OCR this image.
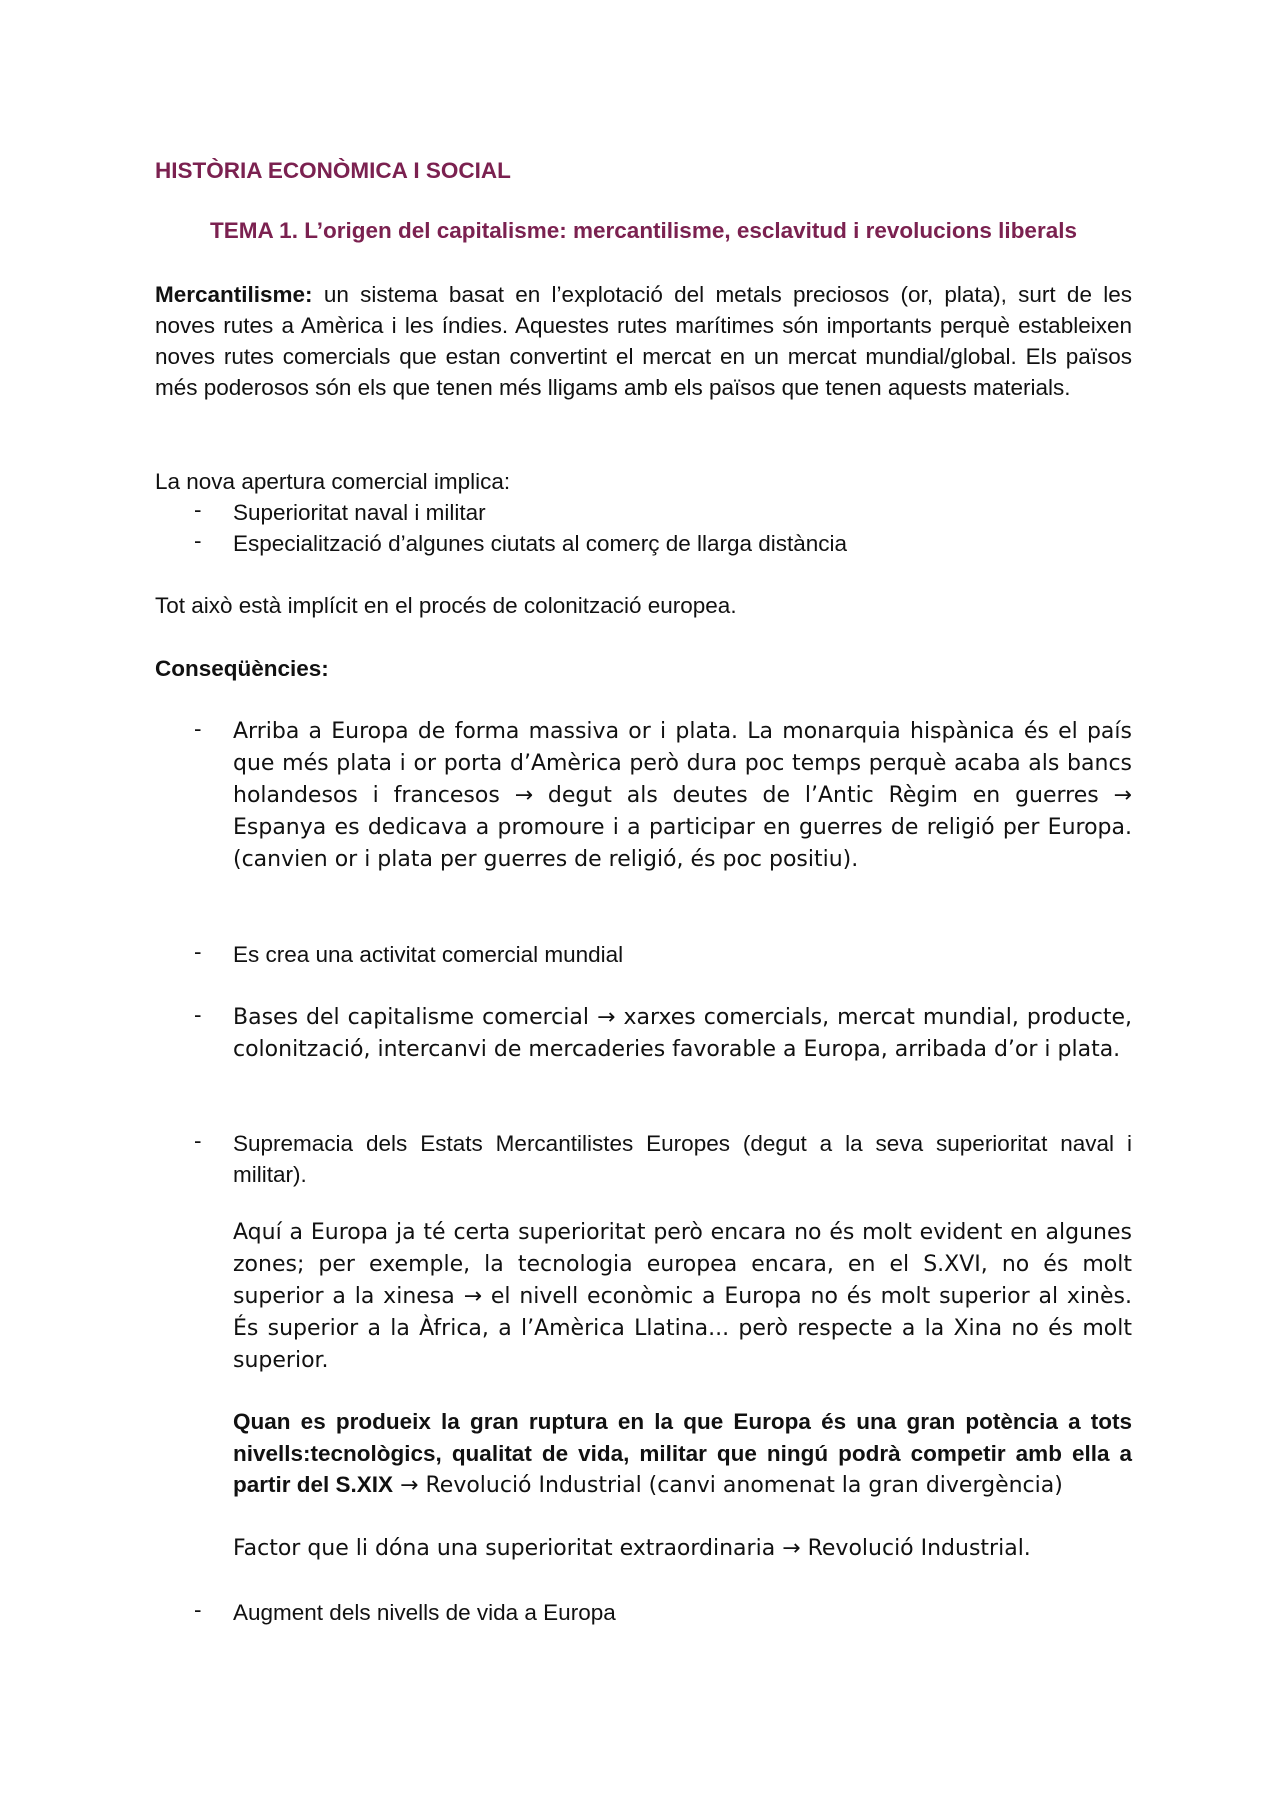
HISTÒRIA ECONÒMICA I SOCIAL
TEMA 1. L’origen del capitalisme: mercantilisme, esclavitud i revolucions liberals

Mercantilisme: un sistema basat en l’explotació del metals preciosos (or, plata), surt de les noves rutes a Amèrica i les índies. Aquestes rutes marítimes són importants perquè estableixen noves rutes comercials que estan convertint el mercat en un mercat mundial/global. Els països més poderosos són els que tenen més lligams amb els països que tenen aquests materials.

La nova apertura comercial implica:

- Superioritat naval i militar
- Especialització d’algunes ciutats al comerç de llarga distància

Tot això està implícit en el procés de colonització europea.

Conseqüències:

- Arriba a Europa de forma massiva or i plata. La monarquia hispànica és el país que més plata i or porta d’Amèrica però dura poc temps perquè acaba als bancs holandesos i francesos → degut als deutes de l’Antic Règim en guerres → Espanya es dedicava a promoure i a participar en guerres de religió per Europa. (canvien or i plata per guerres de religió, és poc positiu).

- Es crea una activitat comercial mundial

- Bases del capitalisme comercial → xarxes comercials, mercat mundial, producte, colonització, intercanvi de mercaderies favorable a Europa, arribada d’or i plata.

- Supremacia dels Estats Mercantilistes Europes (degut a la seva superioritat naval i militar).

Aquí a Europa ja té certa superioritat però encara no és molt evident en algunes zones; per exemple, la tecnologia europea encara, en el S.XVI, no és molt superior a la xinesa → el nivell econòmic a Europa no és molt superior al xinès. És superior a la Àfrica, a l’Amèrica Llatina... però respecte a la Xina no és molt superior.

Quan es produeix la gran ruptura en la que Europa és una gran potència a tots nivells:tecnològics, qualitat de vida, militar que ningú podrà competir amb ella a partir del S.XIX → Revolució Industrial (canvi anomenat la gran divergència)

Factor que li dóna una superioritat extraordinaria → Revolució Industrial.

- Augment dels nivells de vida a Europa
